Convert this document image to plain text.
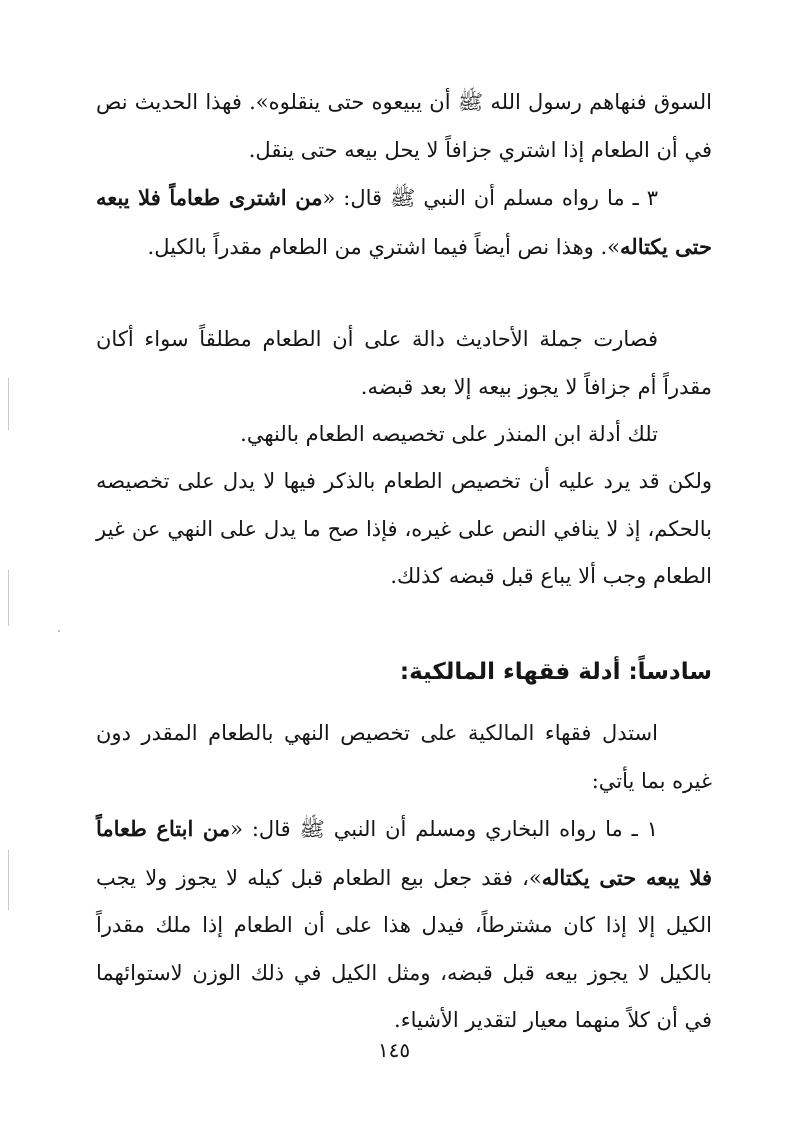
السوق فنهاهم رسول الله ﷺ أن يبيعوه حتى ينقلوه». فهذا الحديث نص في أن الطعام إذا اشتري جزافاً لا يحل بيعه حتى ينقل.

٣ ـ ما رواه مسلم أن النبي ﷺ قال: «من اشترى طعاماً فلا يبعه حتى يكتاله». وهذا نص أيضاً فيما اشتري من الطعام مقدراً بالكيل.

فصارت جملة الأحاديث دالة على أن الطعام مطلقاً سواء أكان مقدراً أم جزافاً لا يجوز بيعه إلا بعد قبضه.

تلك أدلة ابن المنذر على تخصيصه الطعام بالنهي.

ولكن قد يرد عليه أن تخصيص الطعام بالذكر فيها لا يدل على تخصيصه بالحكم، إذ لا ينافي النص على غيره، فإذا صح ما يدل على النهي عن غير الطعام وجب ألا يباع قبل قبضه كذلك.

سادساً: أدلة فقهاء المالكية:

استدل فقهاء المالكية على تخصيص النهي بالطعام المقدر دون غيره بما يأتي:

١ ـ ما رواه البخاري ومسلم أن النبي ﷺ قال: «من ابتاع طعاماً فلا يبعه حتى يكتاله»، فقد جعل بيع الطعام قبل كيله لا يجوز ولا يجب الكيل إلا إذا كان مشترطاً، فيدل هذا على أن الطعام إذا ملك مقدراً بالكيل لا يجوز بيعه قبل قبضه، ومثل الكيل في ذلك الوزن لاستوائهما في أن كلاً منهما معيار لتقدير الأشياء.

١٤٥
